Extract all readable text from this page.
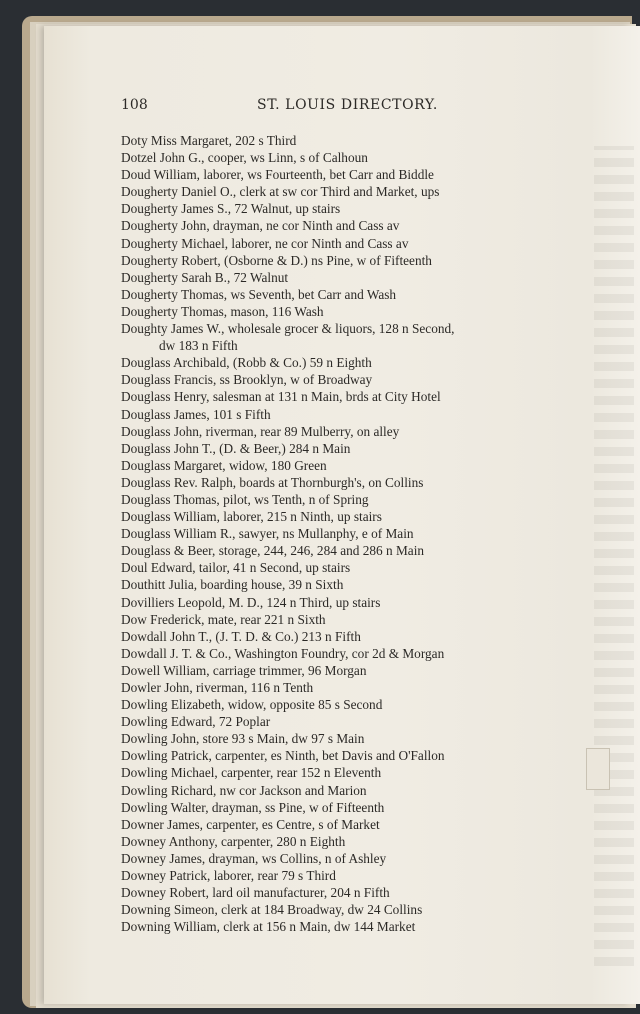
108	ST. LOUIS DIRECTORY.
Doty Miss Margaret, 202 s Third
Dotzel John G., cooper, ws Linn, s of Calhoun
Doud William, laborer, ws Fourteenth, bet Carr and Biddle
Dougherty Daniel O., clerk at sw cor Third and Market, ups
Dougherty James S., 72 Walnut, up stairs
Dougherty John, drayman, ne cor Ninth and Cass av
Dougherty Michael, laborer, ne cor Ninth and Cass av
Dougherty Robert, (Osborne & D.) ns Pine, w of Fifteenth
Dougherty Sarah B., 72 Walnut
Dougherty Thomas, ws Seventh, bet Carr and Wash
Dougherty Thomas, mason, 116 Wash
Doughty James W., wholesale grocer & liquors, 128 n Second,
dw 183 n Fifth
Douglass Archibald, (Robb & Co.) 59 n Eighth
Douglass Francis, ss Brooklyn, w of Broadway
Douglass Henry, salesman at 131 n Main, brds at City Hotel
Douglass James, 101 s Fifth
Douglass John, riverman, rear 89 Mulberry, on alley
Douglass John T., (D. & Beer,) 284 n Main
Douglass Margaret, widow, 180 Green
Douglass Rev. Ralph, boards at Thornburgh's, on Collins
Douglass Thomas, pilot, ws Tenth, n of Spring
Douglass William, laborer, 215 n Ninth, up stairs
Douglass William R., sawyer, ns Mullanphy, e of Main
Douglass & Beer, storage, 244, 246, 284 and 286 n Main
Doul Edward, tailor, 41 n Second, up stairs
Douthitt Julia, boarding house, 39 n Sixth
Dovilliers Leopold, M. D., 124 n Third, up stairs
Dow Frederick, mate, rear 221 n Sixth
Dowdall John T., (J. T. D. & Co.) 213 n Fifth
Dowdall J. T. & Co., Washington Foundry, cor 2d & Morgan
Dowell William, carriage trimmer, 96 Morgan
Dowler John, riverman, 116 n Tenth
Dowling Elizabeth, widow, opposite 85 s Second
Dowling Edward, 72 Poplar
Dowling John, store 93 s Main, dw 97 s Main
Dowling Patrick, carpenter, es Ninth, bet Davis and O'Fallon
Dowling Michael, carpenter, rear 152 n Eleventh
Dowling Richard, nw cor Jackson and Marion
Dowling Walter, drayman, ss Pine, w of Fifteenth
Downer James, carpenter, es Centre, s of Market
Downey Anthony, carpenter, 280 n Eighth
Downey James, drayman, ws Collins, n of Ashley
Downey Patrick, laborer, rear 79 s Third
Downey Robert, lard oil manufacturer, 204 n Fifth
Downing Simeon, clerk at 184 Broadway, dw 24 Collins
Downing William, clerk at 156 n Main, dw 144 Market
